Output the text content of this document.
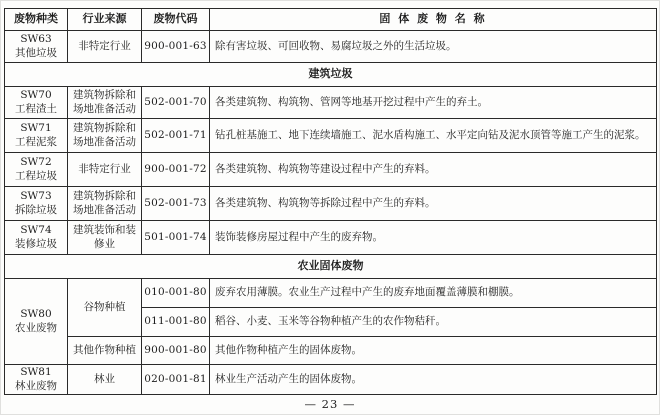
废物种类	行业来源	废物代码	固 体 废 物 名 称

SW63
其他垃圾	非特定行业	900-001-63	除有害垃圾、可回收物、易腐垃圾之外的生活垃圾。
建筑垃圾			

SW70
工程渣土	建筑物拆除和场地准备活动	502-001-70	各类建筑物、构筑物、管网等地基开挖过程中产生的弃土。

SW71
工程泥浆	建筑物拆除和场地准备活动	502-001-71	钻孔桩基施工、地下连续墙施工、泥水盾构施工、水平定向钻及泥水顶管等施工产生的泥浆。

SW72
工程垃圾	非特定行业	900-001-72	各类建筑物、构筑物等建设过程中产生的弃料。

SW73
拆除垃圾	建筑物拆除和场地准备活动	502-001-73	各类建筑物、构筑物等拆除过程中产生的弃料。

SW74
装修垃圾	建筑装饰和装修业	501-001-74	装饰装修房屋过程中产生的废弃物。
农业固体废物			

SW80
农业废物	谷物种植	010-001-80	废弃农用薄膜。农业生产过程中产生的废弃地面覆盖薄膜和棚膜。
		011-001-80	稻谷、小麦、玉米等谷物种植产生的农作物秸秆。
	其他作物种植	900-001-80	其他作物种植产生的固体废物。

SW81
林业废物	林业	020-001-81	林业生产活动产生的固体废物。
— 23 —
